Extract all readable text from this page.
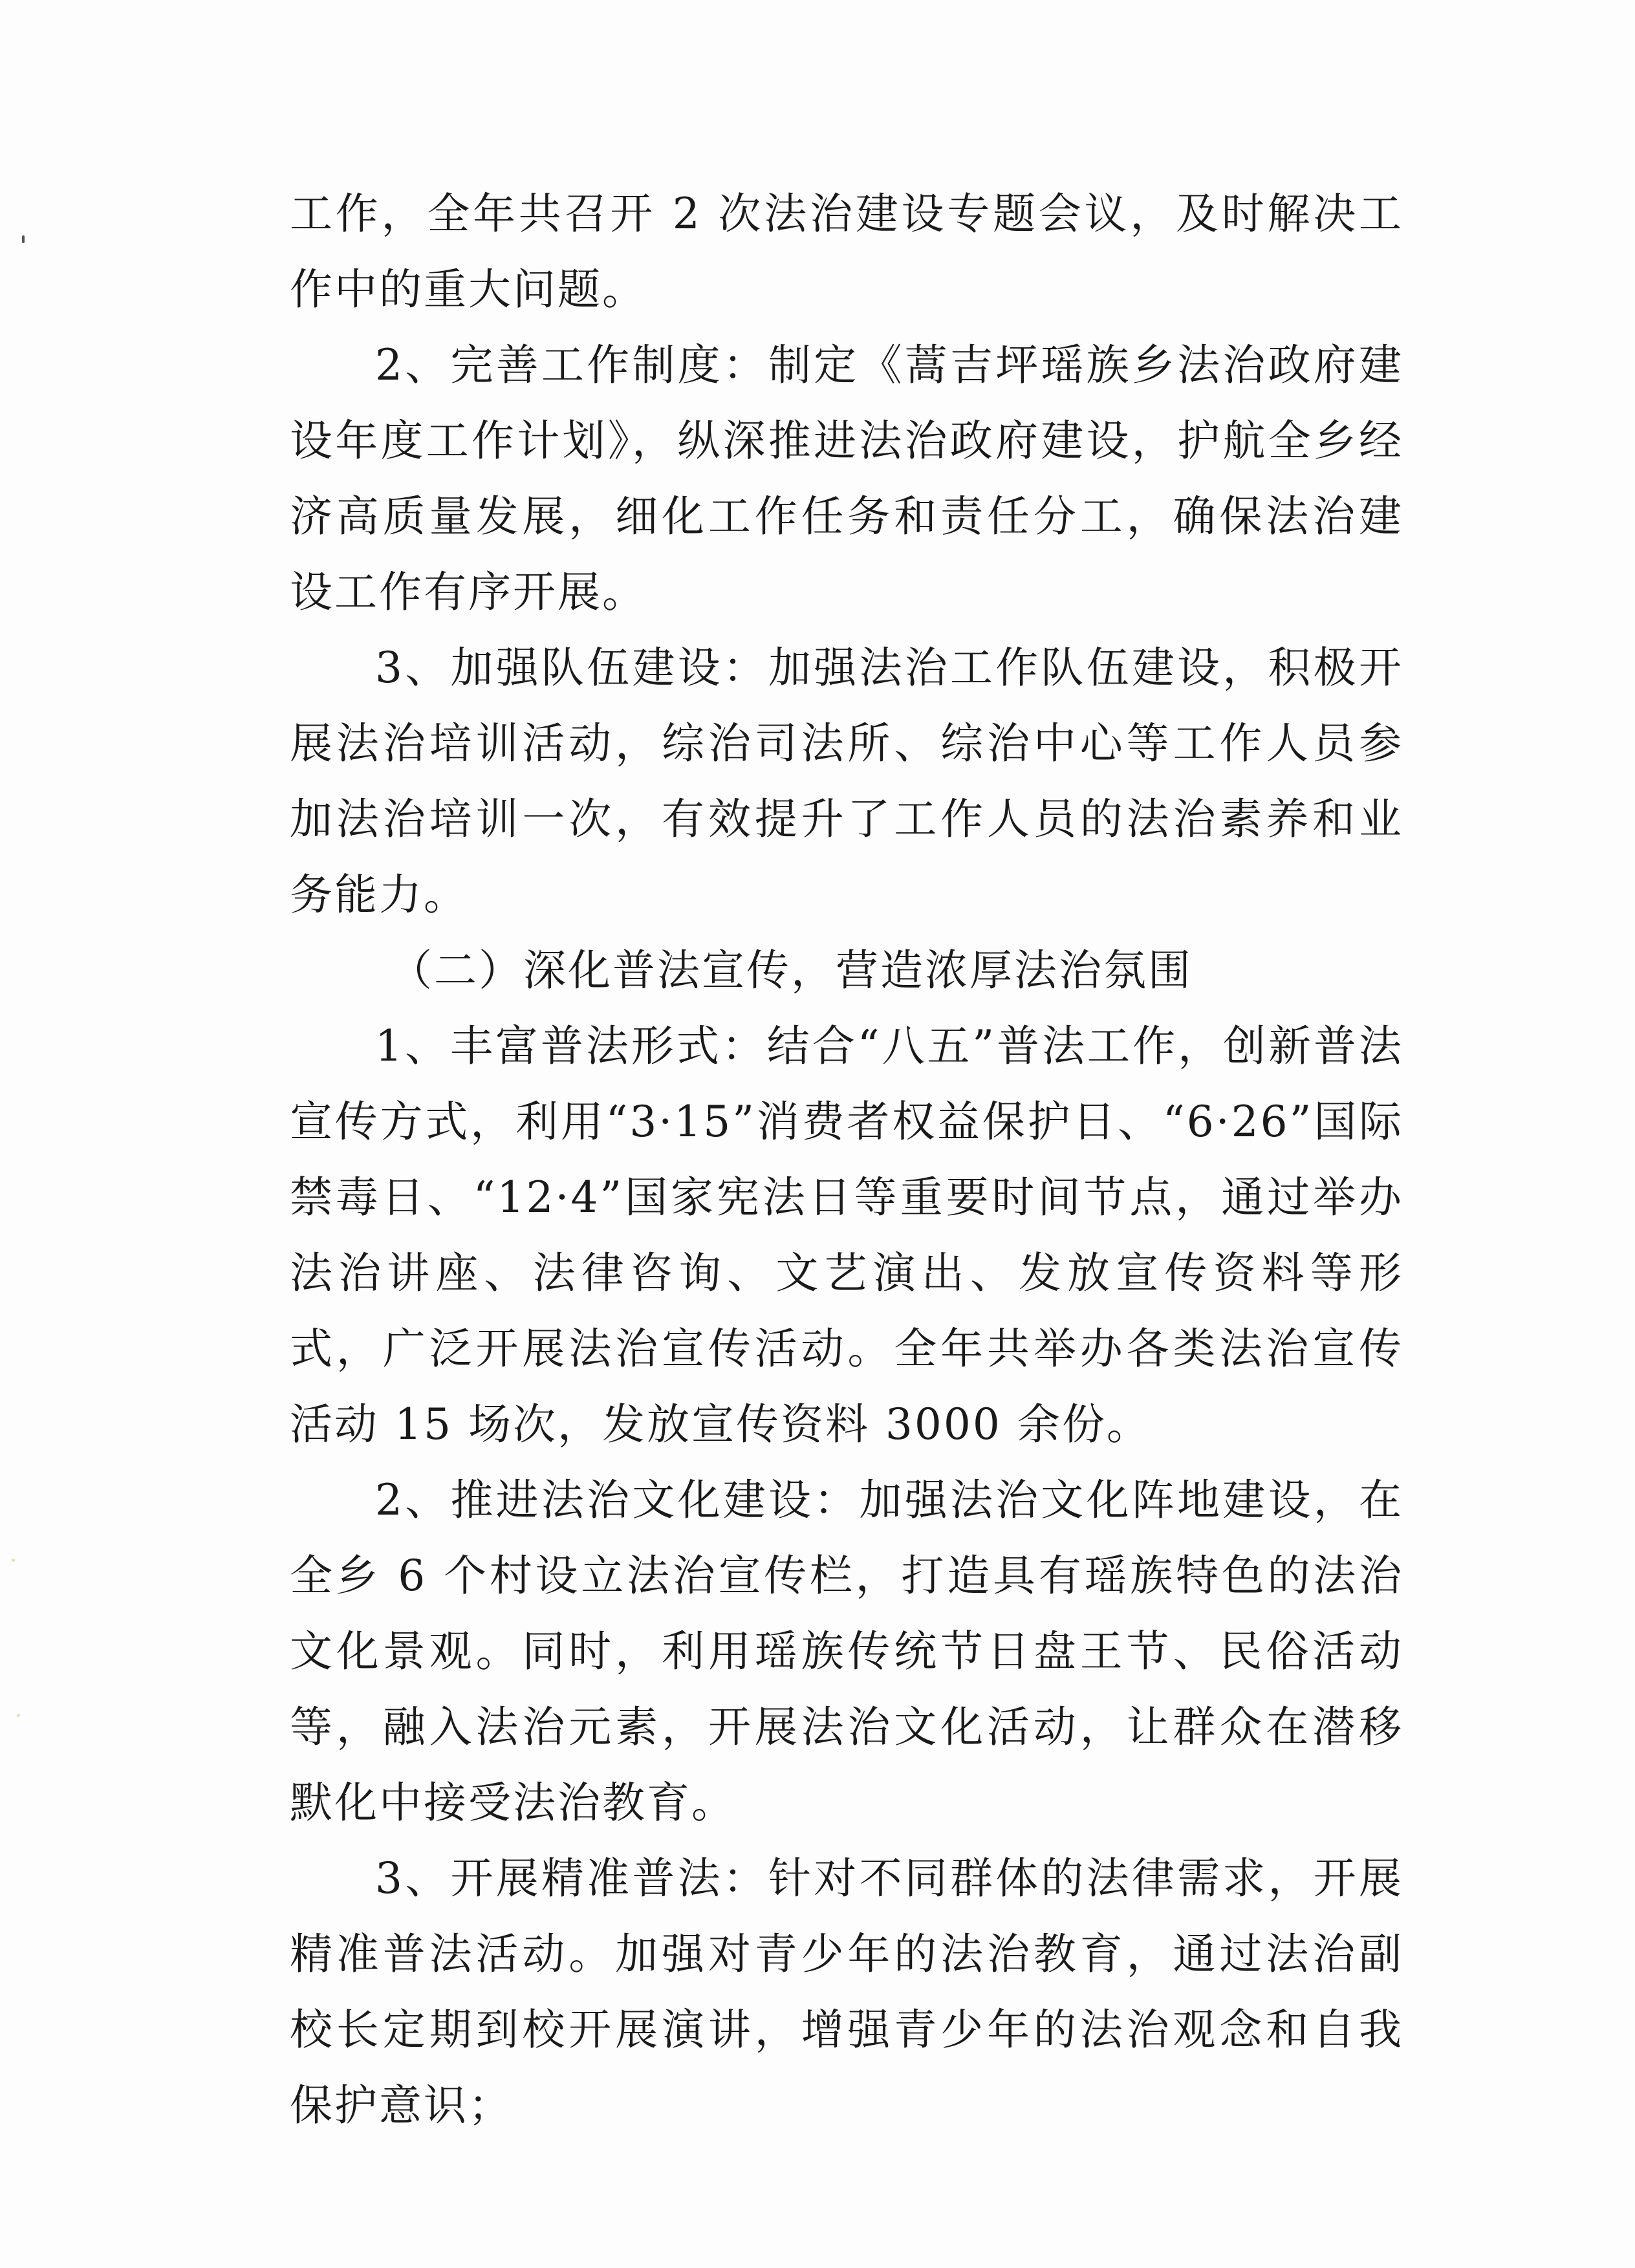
工作，全年共召开 2 次法治建设专题会议，及时解决工作中的重大问题。

2、完善工作制度：制定《蒿吉坪瑶族乡法治政府建设年度工作计划》，纵深推进法治政府建设，护航全乡经济高质量发展，细化工作任务和责任分工，确保法治建设工作有序开展。

3、加强队伍建设：加强法治工作队伍建设，积极开展法治培训活动，综治司法所、综治中心等工作人员参加法治培训一次，有效提升了工作人员的法治素养和业务能力。

（二）深化普法宣传，营造浓厚法治氛围

1、丰富普法形式：结合“八五”普法工作，创新普法宣传方式，利用“3·15”消费者权益保护日、“6·26”国际禁毒日、“12·4”国家宪法日等重要时间节点，通过举办法治讲座、法律咨询、文艺演出、发放宣传资料等形式，广泛开展法治宣传活动。全年共举办各类法治宣传活动 15 场次，发放宣传资料 3000 余份。

2、推进法治文化建设：加强法治文化阵地建设，在全乡 6 个村设立法治宣传栏，打造具有瑶族特色的法治文化景观。同时，利用瑶族传统节日盘王节、民俗活动等，融入法治元素，开展法治文化活动，让群众在潜移默化中接受法治教育。

3、开展精准普法：针对不同群体的法律需求，开展精准普法活动。加强对青少年的法治教育，通过法治副校长定期到校开展演讲，增强青少年的法治观念和自我保护意识；
